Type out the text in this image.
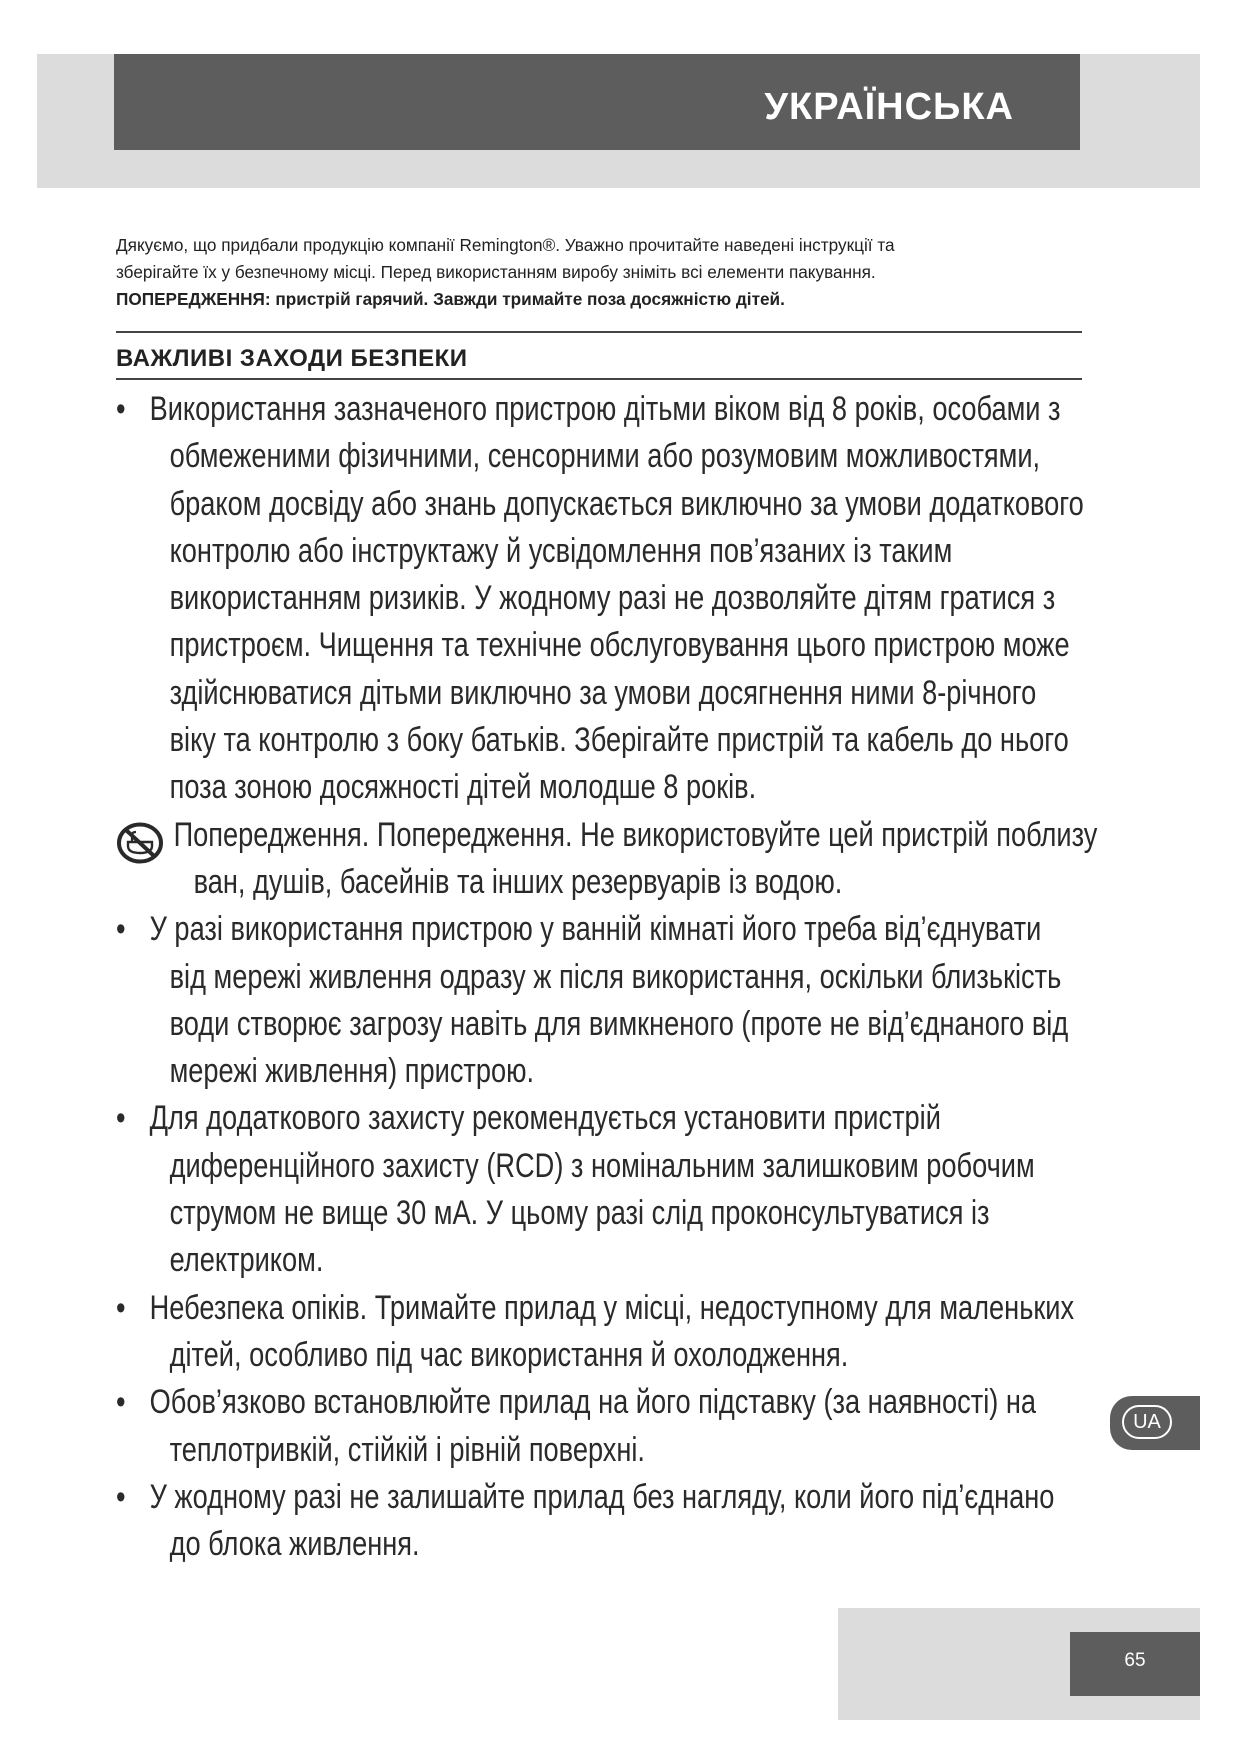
УКРАЇНСЬКА

Дякуємо, що придбали продукцію компанії Remington®. Уважно прочитайте наведені інструкції та

зберігайте їх у безпечному місці. Перед використанням виробу зніміть всі елементи пакування.

ПОПЕРЕДЖЕННЯ: пристрій гарячий. Завжди тримайте поза досяжністю дітей.

ВАЖЛИВІ ЗАХОДИ БЕЗПЕКИ
• Використання зазначеного пристрою дітьми віком від 8 років, особами з
обмеженими фізичними, сенсорними або розумовим можливостями,
браком досвіду або знань допускається виключно за умови додаткового
контролю або інструктажу й усвідомлення пов’язаних із таким
використанням ризиків. У жодному разі не дозволяйте дітям гратися з
пристроєм. Чищення та технічне обслуговування цього пристрою може
здійснюватися дітьми виключно за умови досягнення ними 8-річного
віку та контролю з боку батьків. Зберігайте пристрій та кабель до нього
поза зоною досяжності дітей молодше 8 років.
Попередження. Попередження. Не використовуйте цей пристрій поблизу
ван, душів, басейнів та інших резервуарів із водою.
• У разі використання пристрою у ванній кімнаті його треба від’єднувати
від мережі живлення одразу ж після використання, оскільки близькість
води створює загрозу навіть для вимкненого (проте не від’єднаного від
мережі живлення) пристрою.
• Для додаткового захисту рекомендується установити пристрій
диференційного захисту (RCD) з номінальним залишковим робочим
струмом не вище 30 мА. У цьому разі слід проконсультуватися із
електриком.
• Небезпека опіків. Тримайте прилад у місці, недоступному для маленьких
дітей, особливо під час використання й охолодження.
• Обов’язково встановлюйте прилад на його підставку (за наявності) на
теплотривкій, стійкій і рівній поверхні.
• У жодному разі не залишайте прилад без нагляду, коли його під’єднано
до блока живлення.
UA
65
